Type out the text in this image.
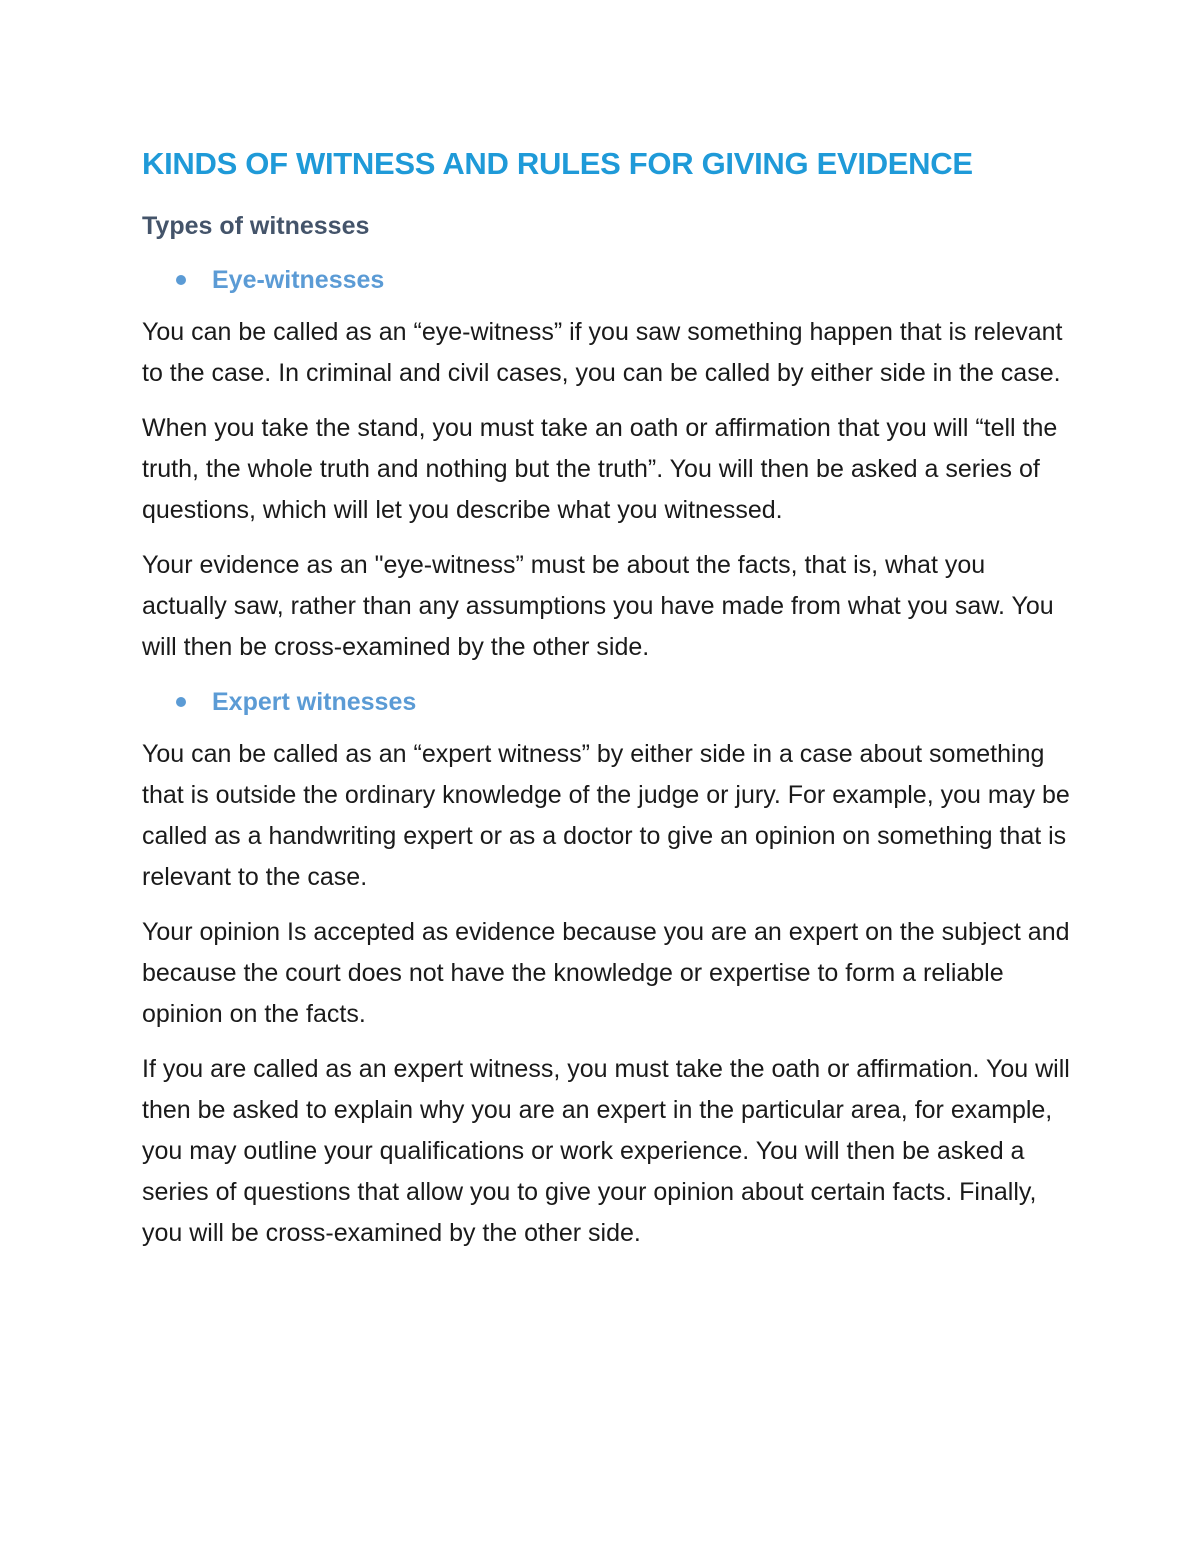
KINDS OF WITNESS AND RULES FOR GIVING EVIDENCE
Types of witnesses
Eye-witnesses

You can be called as an “eye-witness” if you saw something happen that is relevant to the case. In criminal and civil cases, you can be called by either side in the case.

When you take the stand, you must take an oath or affirmation that you will “tell the truth, the whole truth and nothing but the truth”. You will then be asked a series of questions, which will let you describe what you witnessed.

Your evidence as an "eye-witness” must be about the facts, that is, what you actually saw, rather than any assumptions you have made from what you saw. You will then be cross-examined by the other side.

Expert witnesses

You can be called as an “expert witness” by either side in a case about something that is outside the ordinary knowledge of the judge or jury. For example, you may be called as a handwriting expert or as a doctor to give an opinion on something that is relevant to the case.

Your opinion Is accepted as evidence because you are an expert on the subject and because the court does not have the knowledge or expertise to form a reliable opinion on the facts.

If you are called as an expert witness, you must take the oath or affirmation. You will then be asked to explain why you are an expert in the particular area, for example, you may outline your qualifications or work experience. You will then be asked a series of questions that allow you to give your opinion about certain facts. Finally, you will be cross-examined by the other side.
